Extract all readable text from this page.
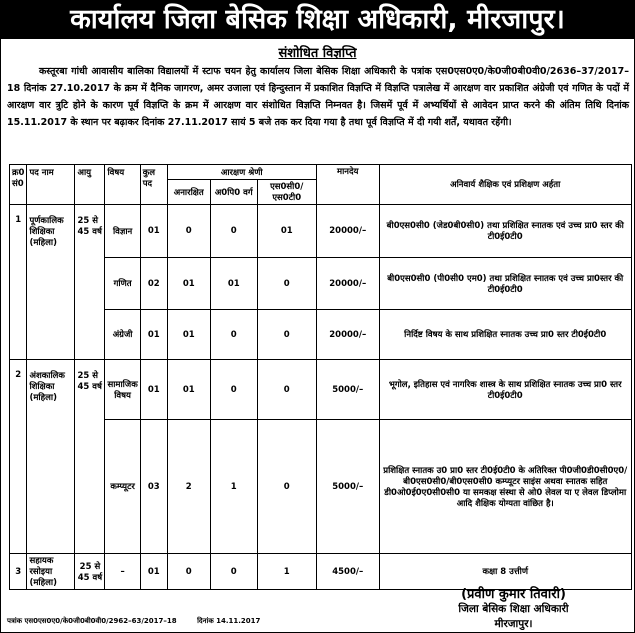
कार्यालय जिला बेसिक शिक्षा अधिकारी, मीरजापुर।
संशोधित विज्ञप्ति
कस्तूरबा गांधी आवासीय बालिका विद्यालयों में स्टाफ चयन हेतु कार्यालय जिला बेसिक शिक्षा अधिकारी के पत्रांक एस0एस0ए0/के0जी0बी0वी0/2636–37/2017–18 दिनांक 27.10.2017 के क्रम में दैनिक जागरण, अमर उजाला एवं हिन्दुस्तान में प्रकाशित विज्ञप्ति में विज्ञप्ति पत्रालेख में आरक्षण वार प्रकाशित अंग्रेजी एवं गणित के पदों में आरक्षण वार त्रुटि होने के कारण पूर्व विज्ञप्ति के क्रम में आरक्षण वार संशोधित विज्ञप्ति निम्नवत है। जिसमें पूर्व में अभ्यर्थियों से आवेदन प्राप्त करने की अंतिम तिथि दिनांक 15.11.2017 के स्थान पर बढ़ाकर दिनांक 27.11.2017 सायं 5 बजे तक कर दिया गया है तथा पूर्व विज्ञप्ति में दी गयी शर्तें, यथावत रहेंगी।
क्र0 सं0	पद नाम	आयु	विषय	कुल पद	आरक्षण श्रेणी			मानदेय	अनिवार्य शैक्षिक एवं प्रशिक्षण अर्हता
					अनारक्षित	अ0पि0 वर्ग	एस0सी0/एस0टी0		
1	पूर्णकालिक शिक्षिका (महिला)	25 से 45 वर्ष	विज्ञान	01	0	0	01	20000/–	बी0एस0सी0 (जेड0बी0सी0) तथा प्रशिक्षित स्नातक एवं उच्च प्रा0 स्तर की टी0ई0टी0
			गणित	02	01	01	0	20000/–	बी0एस0सी0 (पी0सी0 एम0) तथा प्रशिक्षित स्नातक एवं उच्च प्रा0स्तर की टी0ई0टी0
			अंग्रेजी	01	01	0	0	20000/–	निर्दिष्ट विषय के साथ प्रशिक्षित स्नातक उच्च प्रा0 स्तर टी0ई0टी0
2	अंशकालिक शिक्षिका (महिला)	25 से 45 वर्ष	सामाजिक विषय	01	01	0	0	5000/–	भूगोल, इतिहास एवं नागरिक शास्त्र के साथ प्रशिक्षित स्नातक उच्च प्रा0 स्तर टी0ई0टी0
			कम्प्यूटर	03	2	1	0	5000/–	प्रशिक्षित स्नातक उ0 प्रा0 स्तर टी0ई0टी0 के अतिरिक्त पी0जी0डी0सी0ए0/बी0एस0सी0/बी0एस0सी0 कम्प्यूटर साइंस अथवा स्नातक सहित डी0ओ0ई0ए0सी0सी0 या समकक्ष संस्था से ओ0 लेवल या ए लेवल डिप्लोमा आदि शैक्षिक योग्यता वांछित है।
3	सहायक रसोइया (महिला)	25 से 45 वर्ष	–	01	0	0	1	4500/–	कक्षा 8 उत्तीर्ण
(प्रवीण कुमार तिवारी)
जिला बेसिक शिक्षा अधिकारी
मीरजापुर।
पत्रांक एस0एस0ए0/के0जी0बी0वी0/2962–63/2017–18	दिनांक 14.11.2017
